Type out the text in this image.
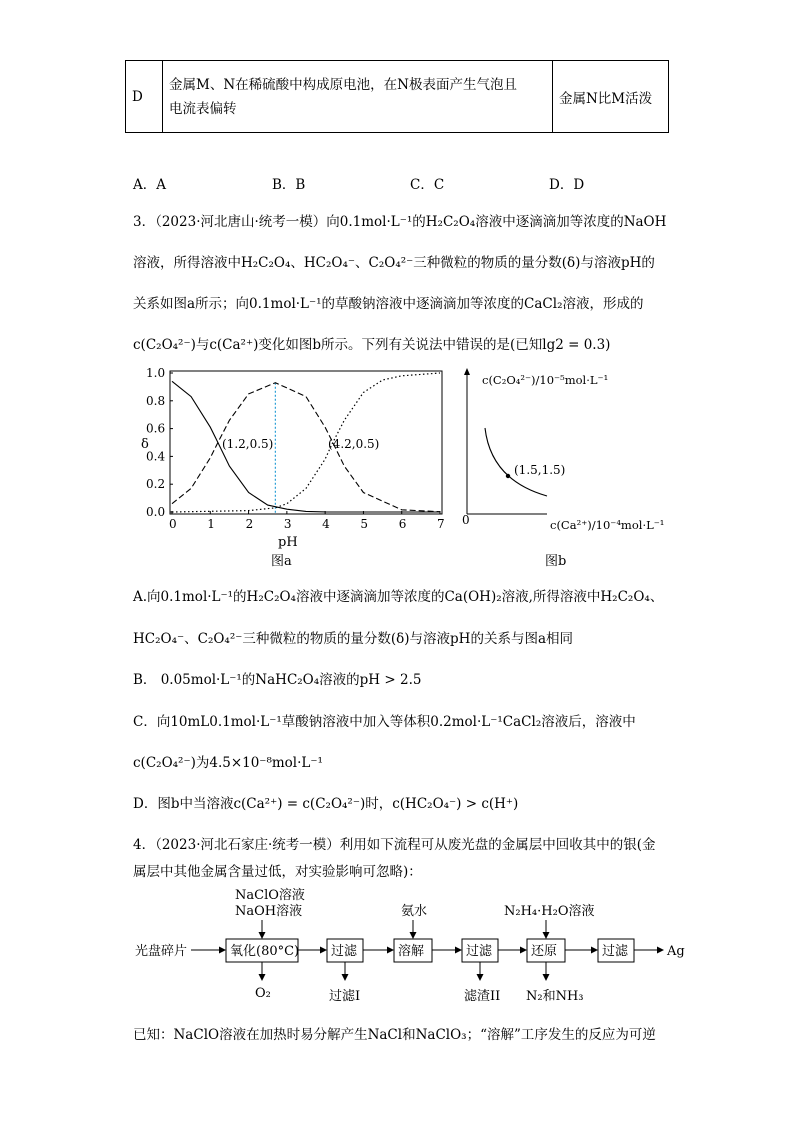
D	
金属M、N在稀硫酸中构成原电池，在N极表面产生气泡且
电流表偏转
	金属N比M活泼
A．A	B．B	C．C	D．D
3．（2023·河北唐山·统考一模）向0.1mol·L⁻¹的H₂C₂O₄溶液中逐滴滴加等浓度的NaOH
溶液，所得溶液中H₂C₂O₄、HC₂O₄⁻、C₂O₄²⁻三种微粒的物质的量分数(δ)与溶液pH的
关系如图a所示；向0.1mol·L⁻¹的草酸钠溶液中逐滴滴加等浓度的CaCl₂溶液，形成的
c(C₂O₄²⁻)与c(Ca²⁺)变化如图b所示。下列有关说法中错误的是(已知lg2 = 0.3)
0.0
0.2
0.4
0.6
0.8
1.0
0	1	2	3	4	5	6	7
(1.2,0.5)	(4.2,0.5)
δ
pH
图a
0
c(C₂O₄²⁻)/10⁻⁵mol·L⁻¹
c(Ca²⁺)/10⁻⁴mol·L⁻¹
(1.5,1.5)
图b
A.向0.1mol·L⁻¹的H₂C₂O₄溶液中逐滴滴加等浓度的Ca(OH)₂溶液,所得溶液中H₂C₂O₄、
HC₂O₄⁻、C₂O₄²⁻三种微粒的物质的量分数(δ)与溶液pH的关系与图a相同
B． 0.05mol·L⁻¹的NaHC₂O₄溶液的pH > 2.5
C．向10mL0.1mol·L⁻¹草酸钠溶液中加入等体积0.2mol·L⁻¹CaCl₂溶液后，溶液中
c(C₂O₄²⁻)为4.5×10⁻⁸mol·L⁻¹
D．图b中当溶液c(Ca²⁺) = c(C₂O₄²⁻)时，c(HC₂O₄⁻) > c(H⁺)
4．（2023·河北石家庄·统考一模）利用如下流程可从废光盘的金属层中回收其中的银(金
属层中其他金属含量过低，对实验影响可忽略)：
光盘碎片	氧化(80°C) 过滤	溶解	过滤	还原	过滤	Ag
NaClO溶液
NaOH溶液	氨水	N₂H₄·H₂O溶液
O₂	过滤I	滤渣II N₂和NH₃
已知：NaClO溶液在加热时易分解产生NaCl和NaClO₃；“溶解”工序发生的反应为可逆
